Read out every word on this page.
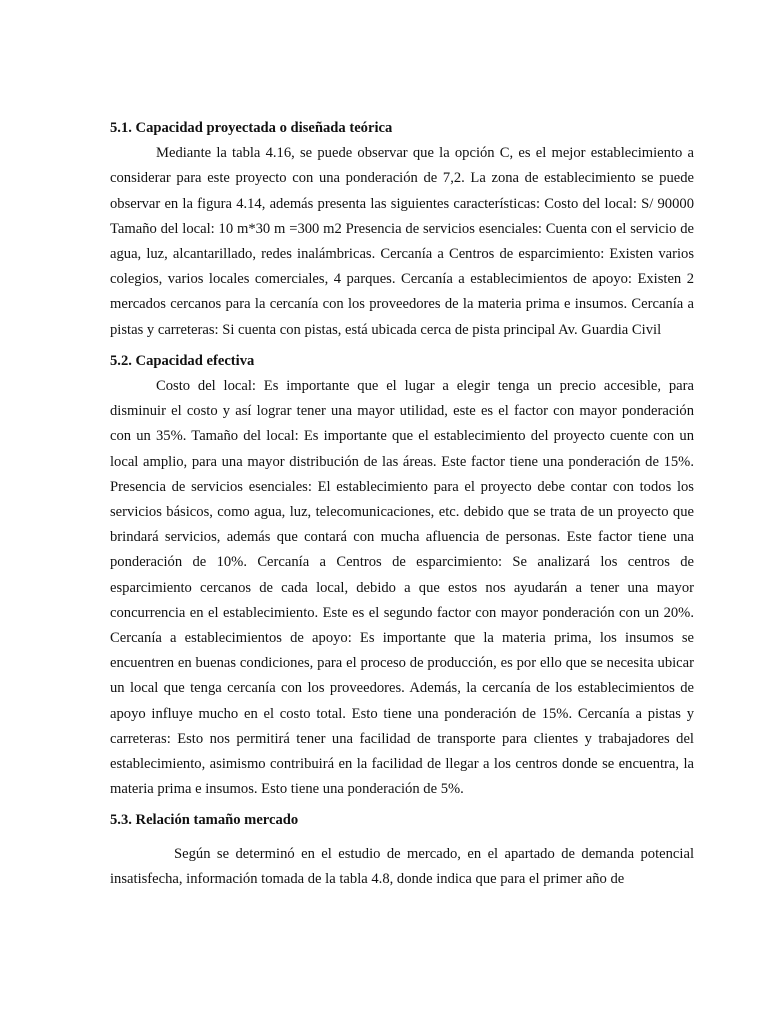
5.1. Capacidad proyectada o diseñada teórica

Mediante la tabla 4.16, se puede observar que la opción C, es el mejor establecimiento a considerar para este proyecto con una ponderación de 7,2. La zona de establecimiento se puede observar en la figura 4.14, además presenta las siguientes características: Costo del local: S/ 90000 Tamaño del local: 10 m*30 m =300 m2 Presencia de servicios esenciales: Cuenta con el servicio de agua, luz, alcantarillado, redes inalámbricas. Cercanía a Centros de esparcimiento: Existen varios colegios, varios locales comerciales, 4 parques. Cercanía a establecimientos de apoyo: Existen 2 mercados cercanos para la cercanía con los proveedores de la materia prima e insumos. Cercanía a pistas y carreteras: Si cuenta con pistas, está ubicada cerca de pista principal Av. Guardia Civil

5.2. Capacidad efectiva

Costo del local: Es importante que el lugar a elegir tenga un precio accesible, para disminuir el costo y así lograr tener una mayor utilidad, este es el factor con mayor ponderación con un 35%. Tamaño del local: Es importante que el establecimiento del proyecto cuente con un local amplio, para una mayor distribución de las áreas. Este factor tiene una ponderación de 15%. Presencia de servicios esenciales: El establecimiento para el proyecto debe contar con todos los servicios básicos, como agua, luz, telecomunicaciones, etc. debido que se trata de un proyecto que brindará servicios, además que contará con mucha afluencia de personas. Este factor tiene una ponderación de 10%. Cercanía a Centros de esparcimiento: Se analizará los centros de esparcimiento cercanos de cada local, debido a que estos nos ayudarán a tener una mayor concurrencia en el establecimiento. Este es el segundo factor con mayor ponderación con un 20%. Cercanía a establecimientos de apoyo: Es importante que la materia prima, los insumos se encuentren en buenas condiciones, para el proceso de producción, es por ello que se necesita ubicar un local que tenga cercanía con los proveedores. Además, la cercanía de los establecimientos de apoyo influye mucho en el costo total. Esto tiene una ponderación de 15%. Cercanía a pistas y carreteras: Esto nos permitirá tener una facilidad de transporte para clientes y trabajadores del establecimiento, asimismo contribuirá en la facilidad de llegar a los centros donde se encuentra, la materia prima e insumos. Esto tiene una ponderación de 5%.

5.3. Relación tamaño mercado

Según se determinó en el estudio de mercado, en el apartado de demanda potencial insatisfecha, información tomada de la tabla 4.8, donde indica que para el primer año de
